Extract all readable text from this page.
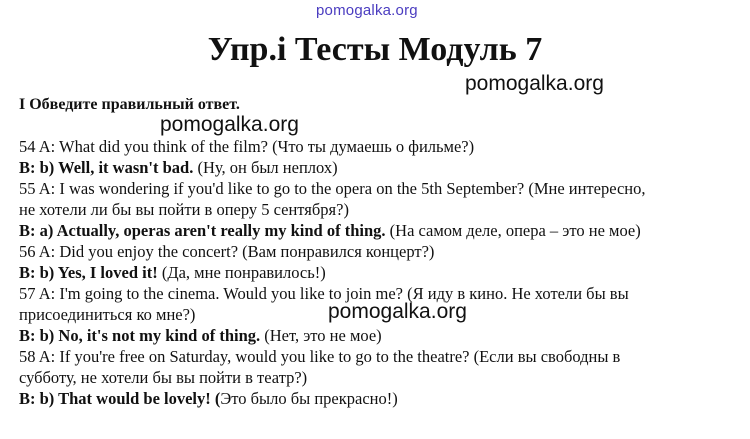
pomogalka.org
Упр.i Тесты Модуль 7
pomogalka.org
pomogalka.org
pomogalka.org

I Обведите правильный ответ.

54 A: What did you think of the film? (Что ты думаешь о фильме?)

B: b) Well, it wasn't bad. (Ну, он был неплох)

55 A: I was wondering if you'd like to go to the opera on the 5th September? (Мне интересно,

не хотели ли бы вы пойти в оперу 5 сентября?)

B: a) Actually, operas aren't really my kind of thing. (На самом деле, опера – это не мое)

56 A: Did you enjoy the concert? (Вам понравился концерт?)

B: b) Yes, I loved it! (Да, мне понравилось!)

57 A: I'm going to the cinema. Would you like to join me? (Я иду в кино. Не хотели бы вы

присоединиться ко мне?)

B: b) No, it's not my kind of thing. (Нет, это не мое)

58 A: If you're free on Saturday, would you like to go to the theatre? (Если вы свободны в

субботу, не хотели бы вы пойти в театр?)

B: b) That would be lovely! (Это было бы прекрасно!)
